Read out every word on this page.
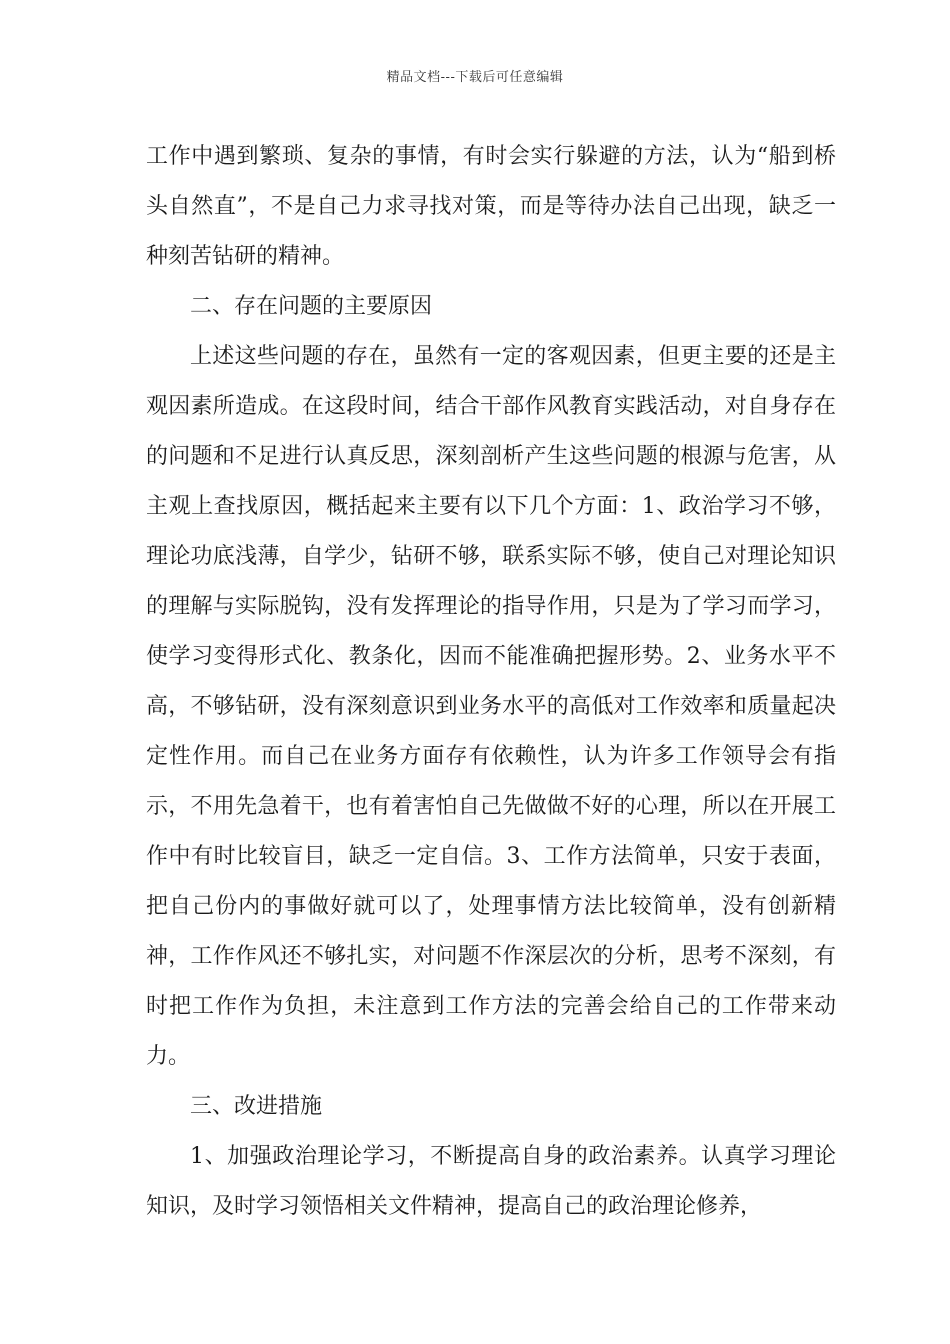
精品文档---下载后可任意编辑

工作中遇到繁琐、复杂的事情，有时会实行躲避的方法，认为“船到桥头自然直”，不是自己力求寻找对策，而是等待办法自己出现，缺乏一种刻苦钻研的精神。

二、存在问题的主要原因

上述这些问题的存在，虽然有一定的客观因素，但更主要的还是主观因素所造成。在这段时间，结合干部作风教育实践活动，对自身存在的问题和不足进行认真反思，深刻剖析产生这些问题的根源与危害，从主观上查找原因，概括起来主要有以下几个方面：1、政治学习不够，理论功底浅薄，自学少，钻研不够，联系实际不够，使自己对理论知识的理解与实际脱钩，没有发挥理论的指导作用，只是为了学习而学习，使学习变得形式化、教条化，因而不能准确把握形势。2、业务水平不高，不够钻研，没有深刻意识到业务水平的高低对工作效率和质量起决定性作用。而自己在业务方面存有依赖性，认为许多工作领导会有指示，不用先急着干，也有着害怕自己先做做不好的心理，所以在开展工作中有时比较盲目，缺乏一定自信。3、工作方法简单，只安于表面，把自己份内的事做好就可以了，处理事情方法比较简单，没有创新精神，工作作风还不够扎实，对问题不作深层次的分析，思考不深刻，有时把工作作为负担，未注意到工作方法的完善会给自己的工作带来动力。

三、改进措施

1、加强政治理论学习，不断提高自身的政治素养。认真学习理论知识，及时学习领悟相关文件精神，提高自己的政治理论修养，
